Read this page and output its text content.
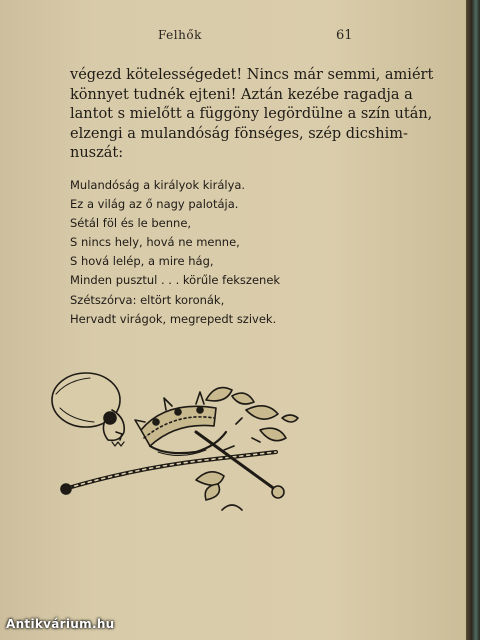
Felhők	61
végezd kötelességedet! Nincs már semmi, amiért
könnyet tudnék ejteni! Aztán kezébe ragadja a
lantot s mielőtt a függöny legördülne a szín után,
elzengi a mulandóság fönséges, szép dicshim-
nuszát:
Mulandóság a királyok királya.
Ez a világ az ő nagy palotája.
Sétál föl és le benne,
S nincs hely, hová ne menne,
S hová lelép, a mire hág,
Minden pusztul . . . körűle fekszenek
Szétszórva: eltört koronák,
Hervadt virágok, megrepedt szivek.
Antikvárium.hu
